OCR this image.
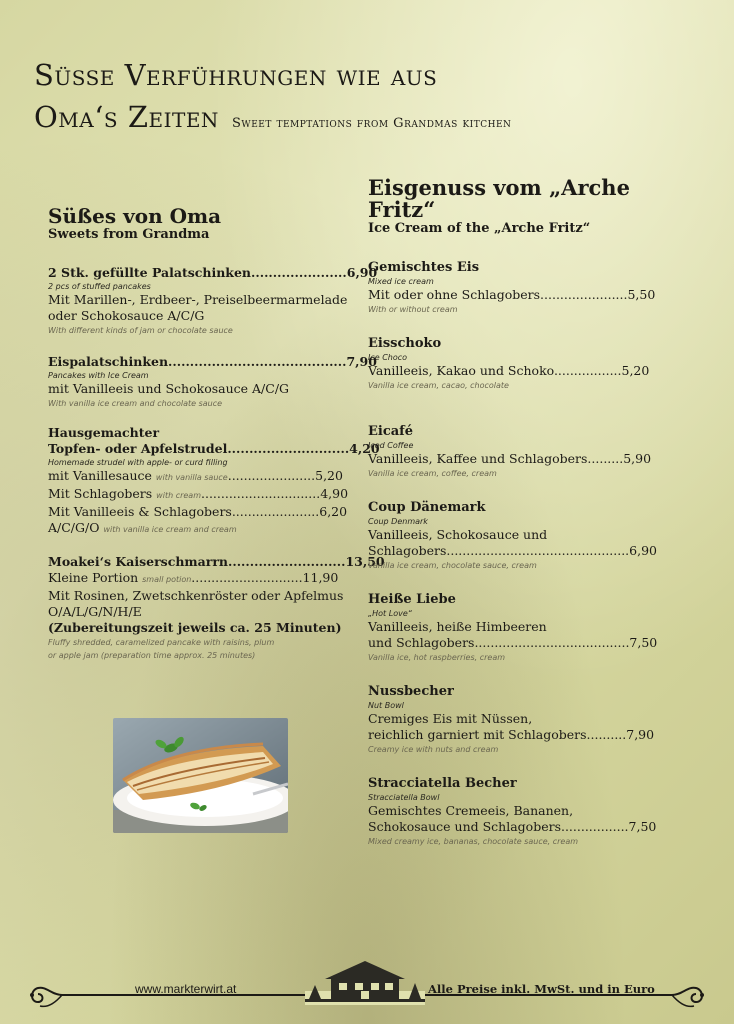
Süsse Verführungen wie aus
Oma‘s Zeiten Sweet temptations from Grandmas kitchen
Süßes von Oma
Sweets from Grandma
2 Stk. gefüllte Palatschinken......................6,90
2 pcs of stuffed pancakes
Mit Marillen-, Erdbeer-, Preiselbeermarmelade
oder Schokosauce A/C/G
With different kinds of jam or chocolate sauce
Eispalatschinken.........................................7,90
Pancakes with Ice Cream
mit Vanilleeis und Schokosauce A/C/G
With vanilla ice cream and chocolate sauce
Hausgemachter
Topfen- oder Apfelstrudel............................4,20
Homemade strudel with apple- or curd filling
mit Vanillesauce with vanilla sauce......................5,20
Mit Schlagobers with cream..............................4,90
Mit Vanilleeis & Schlagobers......................6,20
A/C/G/O with vanilla ice cream and cream
Moakei‘s Kaiserschmarrn...........................13,50
Kleine Portion small potion............................11,90
Mit Rosinen, Zwetschkenröster oder Apfelmus
O/A/L/G/N/H/E
(Zubereitungszeit jeweils ca. 25 Minuten)
Fluffy shredded, caramelized pancake with raisins, plum
or apple jam (preparation time approx. 25 minutes)
Eisgenuss vom „Arche Fritz“
Ice Cream of the „Arche Fritz“
Gemischtes Eis
Mixed ice cream
Mit oder ohne Schlagobers......................5,50
With or without cream
Eisschoko
Ice Choco
Vanilleeis, Kakao und Schoko.................5,20
Vanilla ice cream, cacao, chocolate
Eicafé
Iced Coffee
Vanilleeis, Kaffee und Schlagobers.........5,90
Vanilla ice cream, coffee, cream
Coup Dänemark
Coup Denmark
Vanilleeis, Schokosauce und
Schlagobers..............................................6,90
Vanilla ice cream, chocolate sauce, cream
Heiße Liebe
„Hot Love“
Vanilleeis, heiße Himbeeren
und Schlagobers.......................................7,50
Vanilla ice, hot raspberries, cream
Nussbecher
Nut Bowl
Cremiges Eis mit Nüssen,
reichlich garniert mit Schlagobers..........7,90
Creamy ice with nuts and cream
Stracciatella Becher
Stracciatella Bowl
Gemischtes Cremeeis, Bananen,
Schokosauce und Schlagobers.................7,50
Mixed creamy ice, bananas, chocolate sauce, cream
www.markterwirt.at	Alle Preise inkl. MwSt. und in Euro
